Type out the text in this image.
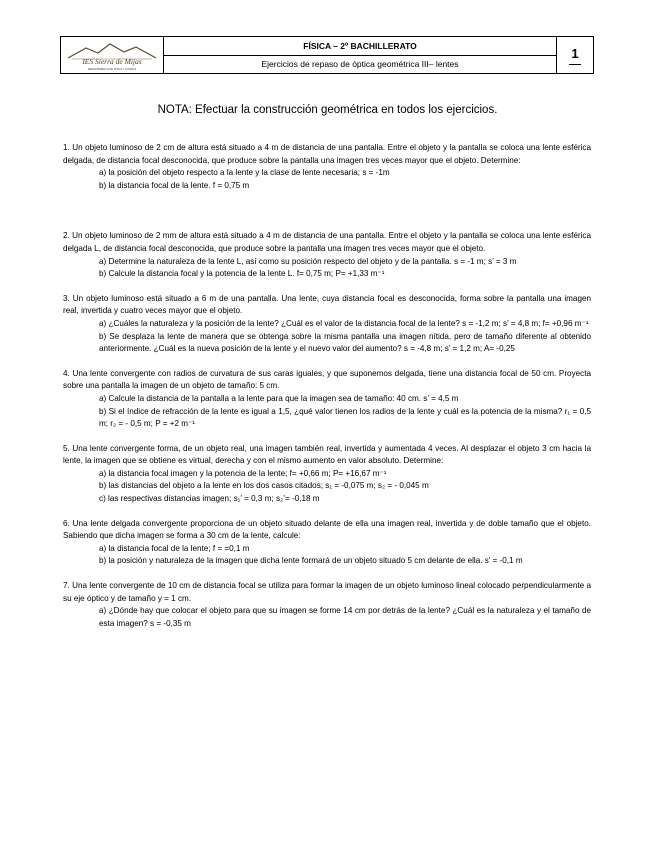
IES Sierra de Mijas
DEPARTAMENTO DE FÍSICA Y QUÍMICA
FÍSICA – 2º BACHILLERATO
Ejercicios de repaso de óptica geométrica III– lentes
1
NOTA: Efectuar la construcción geométrica en todos los ejercicios.

1. Un objeto luminoso de 2 cm de altura está situado a 4 m de distancia de una pantalla. Entre el objeto y la pantalla se coloca una lente esférica delgada, de distancia focal desconocida, que produce sobre la pantalla una imagen tres veces mayor que el objeto. Determine:

a) la posición del objeto respecto a la lente y la clase de lente necesaria; s = -1m

b) la distancia focal de la lente. f = 0,75 m

2. Un objeto luminoso de 2 mm de altura está situado a 4 m de distancia de una pantalla. Entre el objeto y la pantalla se coloca una lente esférica delgada L, de distancia focal desconocida, que produce sobre la pantalla una imagen tres veces mayor que el objeto.

a) Determine la naturaleza de la lente L, así como su posición respecto del objeto y de la pantalla. s = -1 m; s’ = 3 m

b) Calcule la distancia focal y la potencia de la lente L. f= 0,75 m; P= +1,33 m⁻¹

3. Un objeto luminoso está situado a 6 m de una pantalla. Una lente, cuya distancia focal es desconocida, forma sobre la pantalla una imagen real, invertida y cuatro veces mayor que el objeto.

a) ¿Cuáles la naturaleza y la posición de la lente? ¿Cuál es el valor de la distancia focal de la lente? s = -1,2 m; s’ = 4,8 m; f= +0,96 m⁻¹

b) Se desplaza la lente de manera que se obtenga sobre la misma pantalla una imagen nítida, pero de tamaño diferente al obtenido anteriormente. ¿Cuál es la nueva posición de la lente y el nuevo valor del aumento? s = -4,8 m; s’ = 1,2 m; A= -0,25

4. Una lente convergente con radios de curvatura de sus caras iguales, y que suponemos delgada, tiene una distancia focal de 50 cm. Proyecta sobre una pantalla la imagen de un objeto de tamaño: 5 cm.

a) Calcule la distancia de la pantalla a la lente para que la imagen sea de tamaño: 40 cm. s’ = 4,5 m

b) Si el índice de refracción de la lente es igual a 1,5, ¿qué valor tienen los radios de la lente y cuál es la potencia de la misma? r₁ = 0,5 m; r₂ = - 0,5 m; P = +2 m⁻¹

5. Una lente convergente forma, de un objeto real, una imagen también real, invertida y aumentada 4 veces. Al desplazar el objeto 3 cm hacia la lente, la imagen que se obtiene es virtual, derecha y con el mismo aumento en valor absoluto. Determine:

a) la distancia focal imagen y la potencia de la lente; f= +0,66 m; P= +16,67 m⁻¹

b) las distancias del objeto a la lente en los dos casos citados; s₁ = -0,075 m; s₂ = - 0,045 m

c) las respectivas distancias imagen; s₁’ = 0,3 m; s₂’= -0,18 m

6. Una lente delgada convergente proporciona de un objeto situado delante de ella una imagen real, invertida y de doble tamaño que el objeto. Sabiendo que dicha imagen se forma a 30 cm de la lente, calcule:

a) la distancia focal de la lente; f = =0,1 m

b) la posición y naturaleza de la imagen que dicha lente formará de un objeto situado 5 cm delante de ella. s’ = -0,1 m

7. Una lente convergente de 10 cm de distancia focal se utiliza para formar la imagen de un objeto luminoso lineal colocado perpendicularmente a su eje óptico y de tamaño y = 1 cm.

a) ¿Dónde hay que colocar el objeto para que su imagen se forme 14 cm por detrás de la lente? ¿Cuál es la naturaleza y el tamaño de esta imagen? s = -0,35 m
